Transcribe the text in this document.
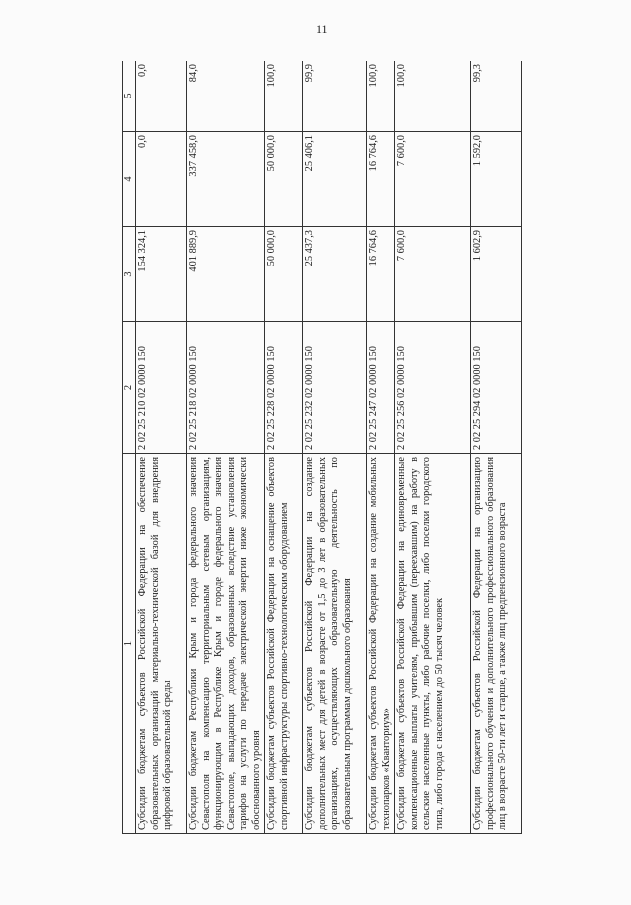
11
1	2	3	4	5
Субсидии бюджетам субъектов Российской Федерации на обеспечение образовательных организаций материально-технической базой для внедрения цифровой образовательной среды	2 02 25 210 02 0000 150	154 324,1	0,0	0,0
Субсидии бюджетам Республики Крым и города федерального значения Севастополя на компенсацию территориальным сетевым организациям, функционирующим в Республике Крым и городе федерального значения Севастополе, выпадающих доходов, образованных вследствие установления тарифов на услуги по передаче электрической энергии ниже экономически обоснованного уровня	2 02 25 218 02 0000 150	401 889,9	337 458,0	84,0
Субсидии бюджетам субъектов Российской Федерации на оснащение объектов спортивной инфраструктуры спортивно-технологическим оборудованием	2 02 25 228 02 0000 150	50 000,0	50 000,0	100,0
Субсидии бюджетам субъектов Российской Федерации на создание дополнительных мест для детей в возрасте от 1,5 до 3 лет в образовательных организациях, осуществляющих образовательную деятельность по образовательным программам дошкольного образования	2 02 25 232 02 0000 150	25 437,3	25 406,1	99,9
Субсидии бюджетам субъектов Российской Федерации на создание мобильных технопарков «Кванториум»	2 02 25 247 02 0000 150	16 764,6	16 764,6	100,0
Субсидии бюджетам субъектов Российской Федерации на единовременные компенсационные выплаты учителям, прибывшим (переехавшим) на работу в сельские населенные пункты, либо рабочие поселки, либо поселки городского типа, либо города с населением до 50 тысяч человек	2 02 25 256 02 0000 150	7 600,0	7 600,0	100,0
Субсидии бюджетам субъектов Российской Федерации на организацию профессионального обучения и дополнительного профессионального образования лиц в возрасте 50-ти лет и старше, а также лиц предпенсионного возраста	2 02 25 294 02 0000 150	1 602,9	1 592,0	99,3
